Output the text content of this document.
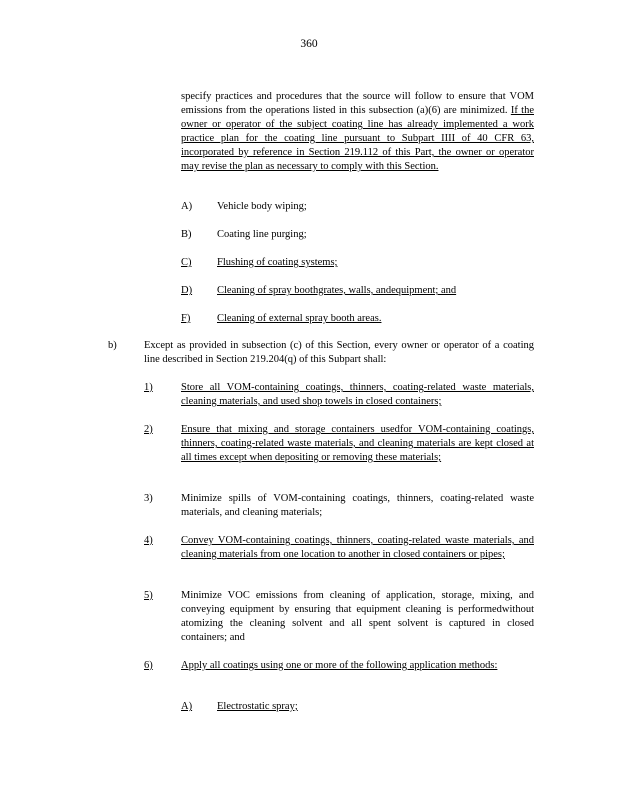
360
specify practices and procedures that the source will follow to ensure that VOM emissions from the operations listed in this subsection (a)(6) are minimized. If the owner or operator of the subject coating line has already implemented a work practice plan for the coating line pursuant to Subpart IIII of 40 CFR 63, incorporated by reference in Section 219.112 of this Part, the owner or operator may revise the plan as necessary to comply with this Section.
A) Vehicle body wiping;
B) Coating line purging;
C) Flushing of coating systems;
D) Cleaning of spray boothgrates, walls, andequipment; and
F)	Cleaning of external spray booth areas.
b)	Except as provided in subsection (c) of this Section, every owner or operator of a coating line described in Section 219.204(q) of this Subpart shall:
1)	Store all VOM-containing coatings, thinners, coating-related waste materials, cleaning materials, and used shop towels in closed containers;
2)	Ensure that mixing and storage containers usedfor VOM-containing coatings, thinners, coating-related waste materials, and cleaning materials are kept closed at all times except when depositing or removing these materials;
3)	Minimize spills of VOM-containing coatings, thinners, coating-related waste materials, and cleaning materials;
4)	Convey VOM-containing coatings, thinners, coating-related waste materials, and cleaning materials from one location to another in closed containers or pipes;
5)	Minimize VOC emissions from cleaning of application, storage, mixing, and conveying equipment by ensuring that equipment cleaning is performedwithout atomizing the cleaning solvent and all spent solvent is captured in closed containers; and
6)	Apply all coatings using one or more of the following application methods:
A) Electrostatic spray;
